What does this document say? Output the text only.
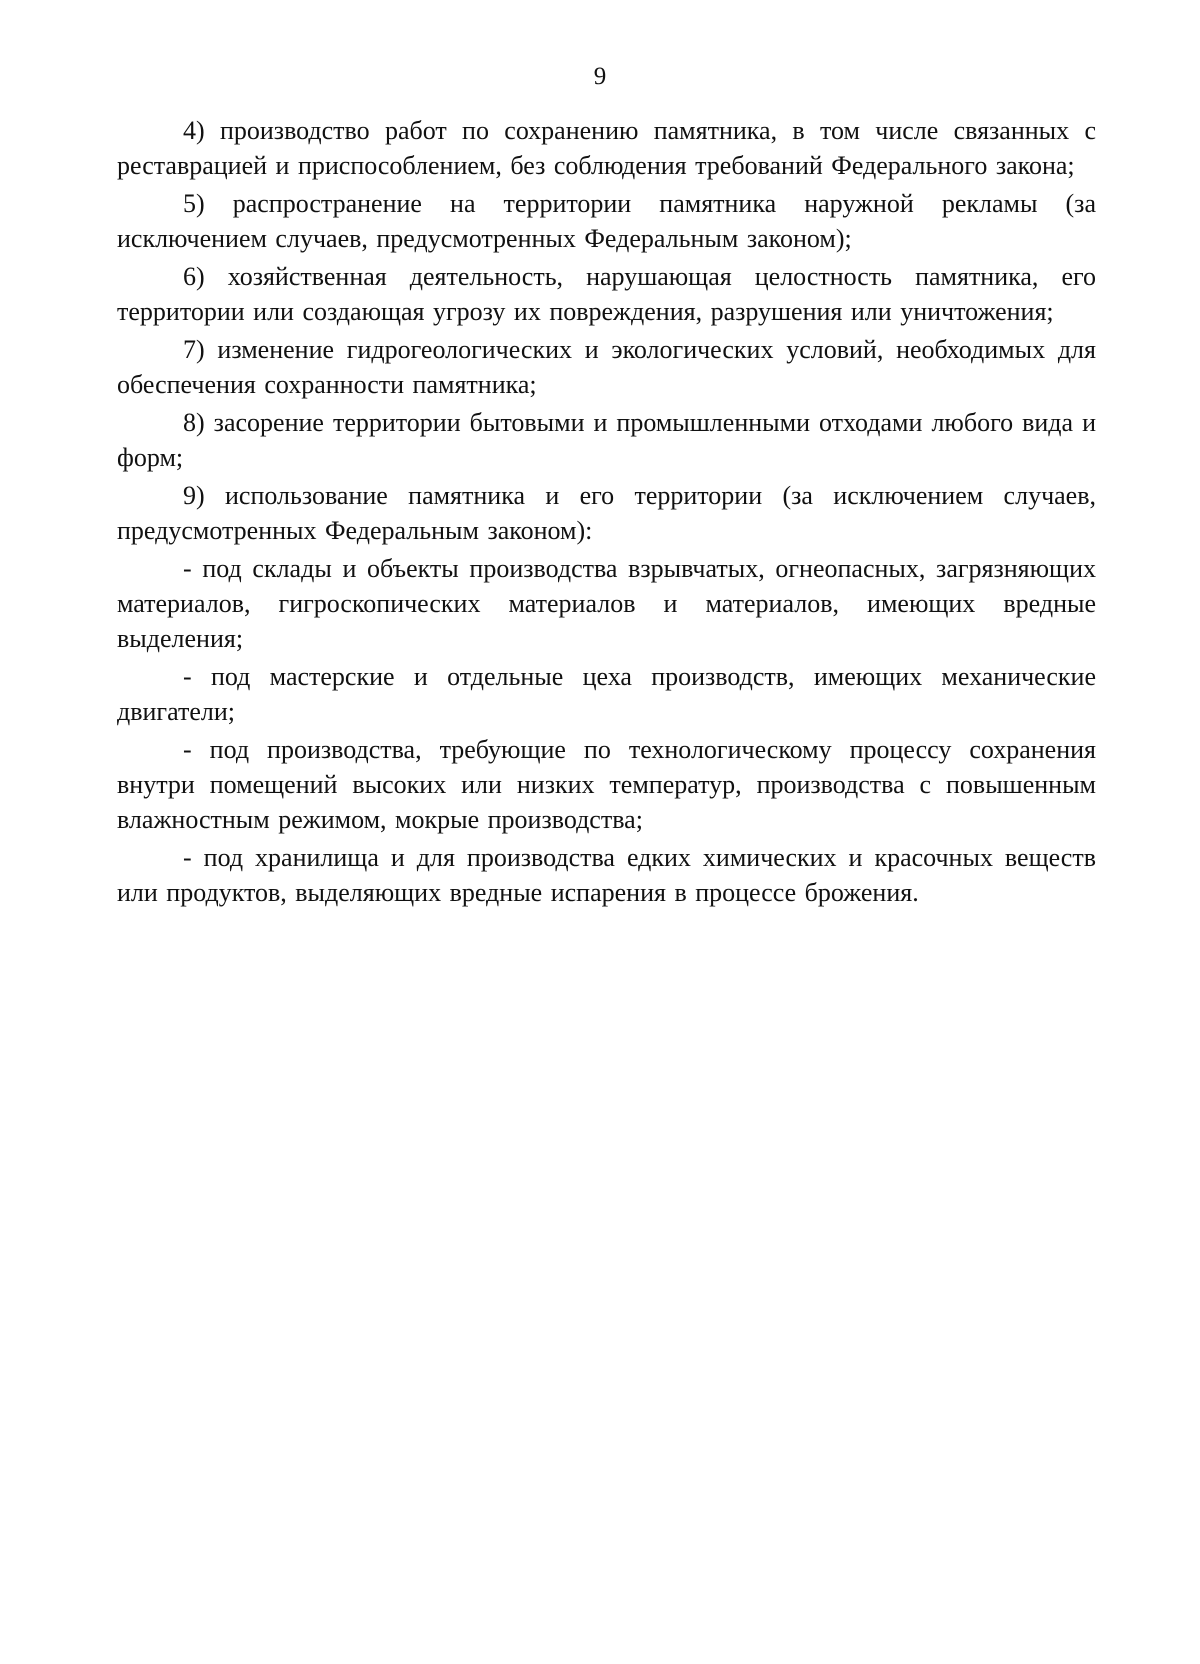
9

4) производство работ по сохранению памятника, в том числе связанных с реставрацией и приспособлением, без соблюдения требований Федерального закона;

5) распространение на территории памятника наружной рекламы (за исключением случаев, предусмотренных Федеральным законом);

6) хозяйственная деятельность, нарушающая целостность памятника, его территории или создающая угрозу их повреждения, разрушения или уничтожения;

7) изменение гидрогеологических и экологических условий, необходимых для обеспечения сохранности памятника;

8) засорение территории бытовыми и промышленными отходами любого вида и форм;

9) использование памятника и его территории (за исключением случаев, предусмотренных Федеральным законом):

- под склады и объекты производства взрывчатых, огнеопасных, загрязняющих материалов, гигроскопических материалов и материалов, имеющих вредные выделения;

- под мастерские и отдельные цеха производств, имеющих механические двигатели;

- под производства, требующие по технологическому процессу сохранения внутри помещений высоких или низких температур, производства с повышенным влажностным режимом, мокрые производства;

- под хранилища и для производства едких химических и красочных веществ или продуктов, выделяющих вредные испарения в процессе брожения.
